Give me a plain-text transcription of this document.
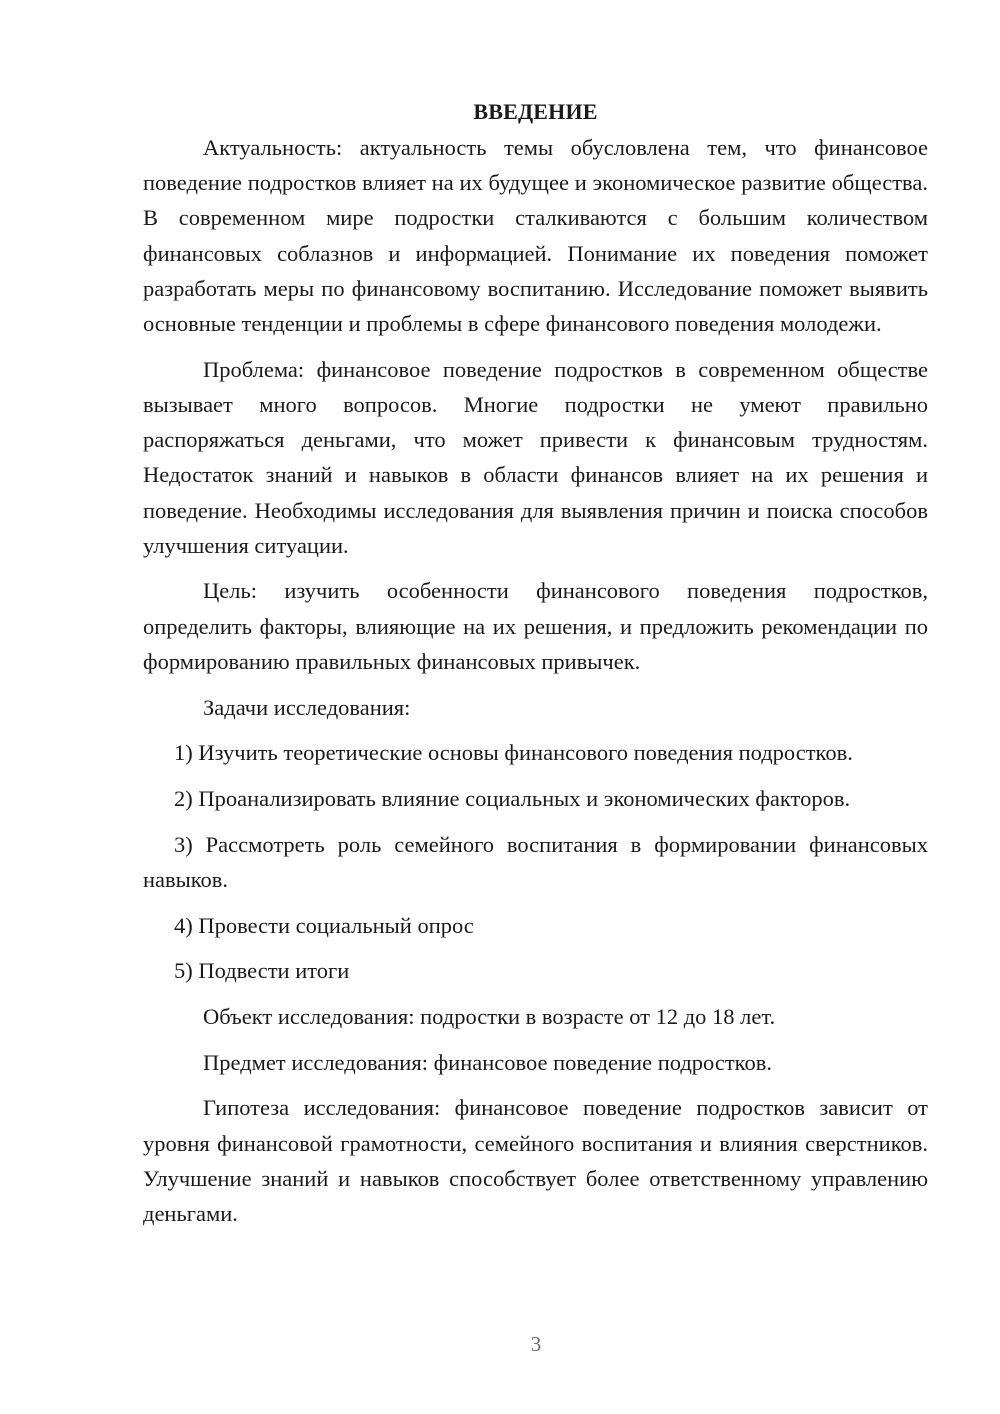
ВВЕДЕНИЕ

Актуальность: актуальность темы обусловлена тем, что финансовое поведение подростков влияет на их будущее и экономическое развитие общества. В современном мире подростки сталкиваются с большим количеством финансовых соблазнов и информацией. Понимание их поведения поможет разработать меры по финансовому воспитанию. Исследование поможет выявить основные тенденции и проблемы в сфере финансового поведения молодежи.

Проблема: финансовое поведение подростков в современном обществе вызывает много вопросов. Многие подростки не умеют правильно распоряжаться деньгами, что может привести к финансовым трудностям. Недостаток знаний и навыков в области финансов влияет на их решения и поведение. Необходимы исследования для выявления причин и поиска способов улучшения ситуации.

Цель: изучить особенности финансового поведения подростков, определить факторы, влияющие на их решения, и предложить рекомендации по формированию правильных финансовых привычек.

Задачи исследования:

1) Изучить теоретические основы финансового поведения подростков.

2) Проанализировать влияние социальных и экономических факторов.

3) Рассмотреть роль семейного воспитания в формировании финансовых навыков.

4) Провести социальный опрос

5) Подвести итоги

Объект исследования: подростки в возрасте от 12 до 18 лет.

Предмет исследования: финансовое поведение подростков.

Гипотеза исследования: финансовое поведение подростков зависит от уровня финансовой грамотности, семейного воспитания и влияния сверстников. Улучшение знаний и навыков способствует более ответственному управлению деньгами.

3
